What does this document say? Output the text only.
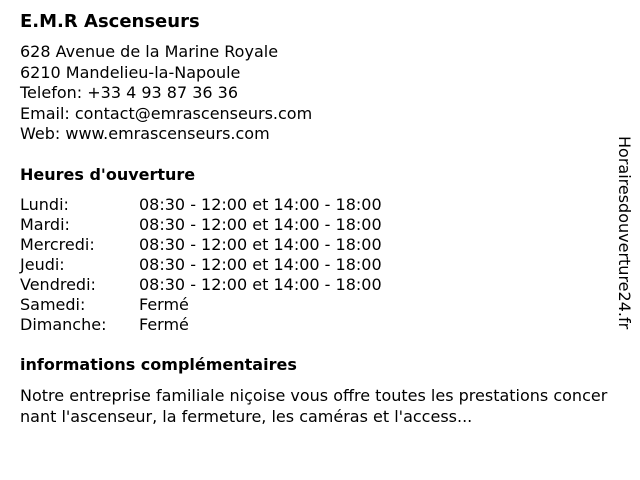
E.M.R Ascenseurs
628 Avenue de la Marine Royale
6210 Mandelieu-la-Napoule
Telefon: +33 4 93 87 36 36
Email: contact@emrascenseurs.com
Web: www.emrascenseurs.com
Heures d'ouverture
Lundi:	08:30 - 12:00 et 14:00 - 18:00
Mardi:	08:30 - 12:00 et 14:00 - 18:00
Mercredi:	08:30 - 12:00 et 14:00 - 18:00
Jeudi:	08:30 - 12:00 et 14:00 - 18:00
Vendredi:	08:30 - 12:00 et 14:00 - 18:00
Samedi:	Fermé
Dimanche:	Fermé
informations complémentaires
Notre entreprise familiale niçoise vous offre toutes les prestations concernant l'ascenseur, la fermeture, les caméras et l'access...
Horairesdouverture24.fr
